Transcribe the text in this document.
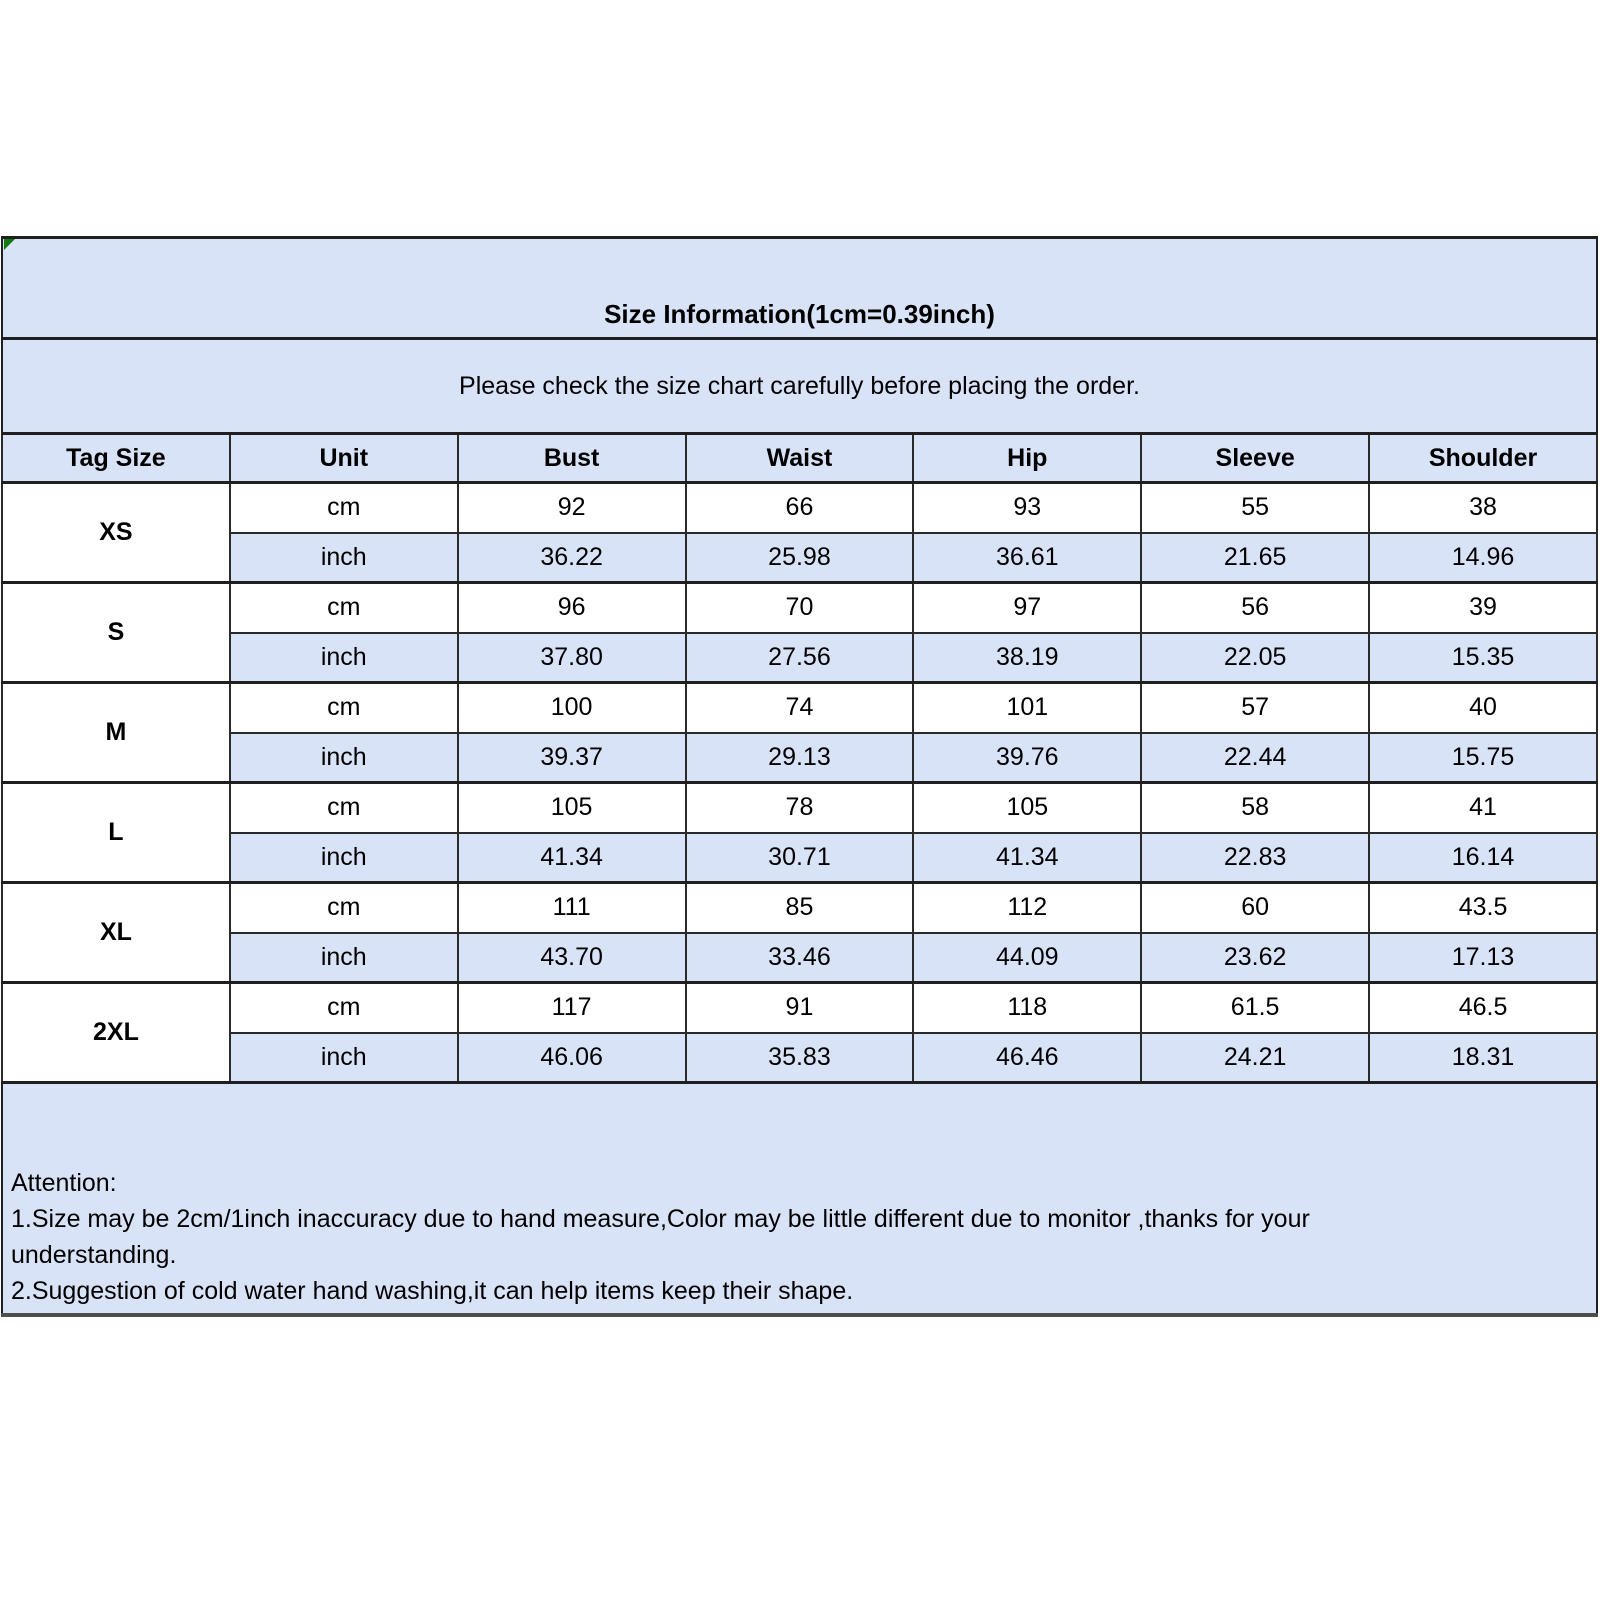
Size Information(1cm=0.39inch)						
Please check the size chart carefully before placing the order.						
Tag Size	Unit	Bust	Waist	Hip	Sleeve	Shoulder
XS	cm	92	66	93	55	38
	inch	36.22	25.98	36.61	21.65	14.96
S	cm	96	70	97	56	39
	inch	37.80	27.56	38.19	22.05	15.35
M	cm	100	74	101	57	40
	inch	39.37	29.13	39.76	22.44	15.75
L	cm	105	78	105	58	41
	inch	41.34	30.71	41.34	22.83	16.14
XL	cm	111	85	112	60	43.5
	inch	43.70	33.46	44.09	23.62	17.13
2XL	cm	117	91	118	61.5	46.5
	inch	46.06	35.83	46.46	24.21	18.31

Attention:
1.Size may be 2cm/1inch inaccuracy due to hand measure,Color may be little different due to monitor ,thanks for your
understanding.
2.Suggestion of cold water hand washing,it can help items keep their shape.						
